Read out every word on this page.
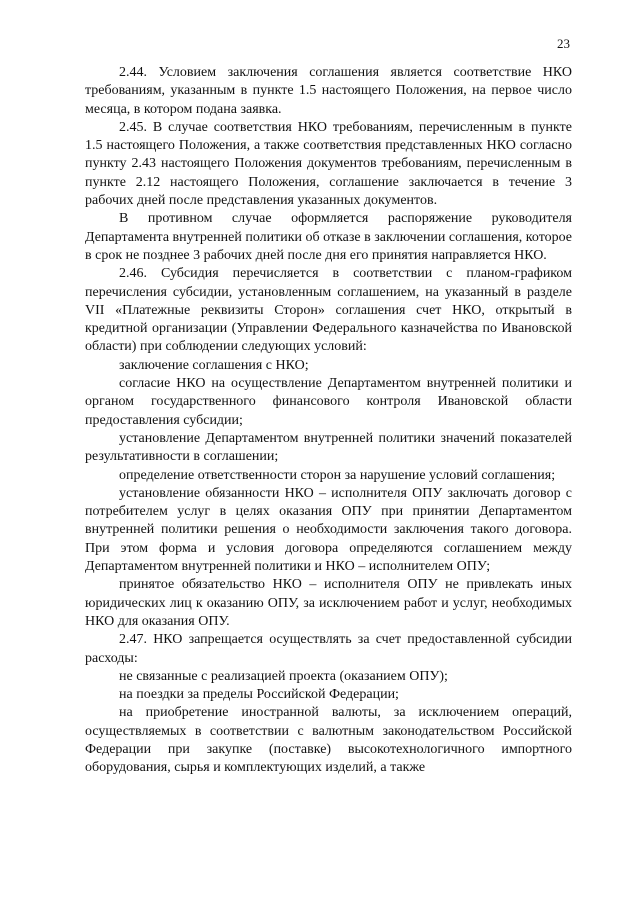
23

2.44. Условием заключения соглашения является соответствие НКО требованиям, указанным в пункте 1.5 настоящего Положения, на первое число месяца, в котором подана заявка.

2.45. В случае соответствия НКО требованиям, перечисленным в пункте 1.5 настоящего Положения, а также соответствия представленных НКО согласно пункту 2.43 настоящего Положения документов требованиям, перечисленным в пункте 2.12 настоящего Положения, соглашение заключается в течение 3 рабочих дней после представления указанных документов.

В противном случае оформляется распоряжение руководителя Департамента внутренней политики об отказе в заключении соглашения, которое в срок не позднее 3 рабочих дней после дня его принятия направляется НКО.

2.46. Субсидия перечисляется в соответствии с планом-графиком перечисления субсидии, установленным соглашением, на указанный в разделе VII «Платежные реквизиты Сторон» соглашения счет НКО, открытый в кредитной организации (Управлении Федерального казначейства по Ивановской области) при соблюдении следующих условий:

заключение соглашения с НКО;

согласие НКО на осуществление Департаментом внутренней политики и органом государственного финансового контроля Ивановской области предоставления субсидии;

установление Департаментом внутренней политики значений показателей результативности в соглашении;

определение ответственности сторон за нарушение условий соглашения;

установление обязанности НКО – исполнителя ОПУ заключать договор с потребителем услуг в целях оказания ОПУ при принятии Департаментом внутренней политики решения о необходимости заключения такого договора. При этом форма и условия договора определяются соглашением между Департаментом внутренней политики и НКО – исполнителем ОПУ;

принятое обязательство НКО – исполнителя ОПУ не привлекать иных юридических лиц к оказанию ОПУ, за исключением работ и услуг, необходимых НКО для оказания ОПУ.

2.47. НКО запрещается осуществлять за счет предоставленной субсидии расходы:

не связанные с реализацией проекта (оказанием ОПУ);

на поездки за пределы Российской Федерации;

на приобретение иностранной валюты, за исключением операций, осуществляемых в соответствии с валютным законодательством Российской Федерации при закупке (поставке) высокотехнологичного импортного оборудования, сырья и комплектующих изделий, а также
